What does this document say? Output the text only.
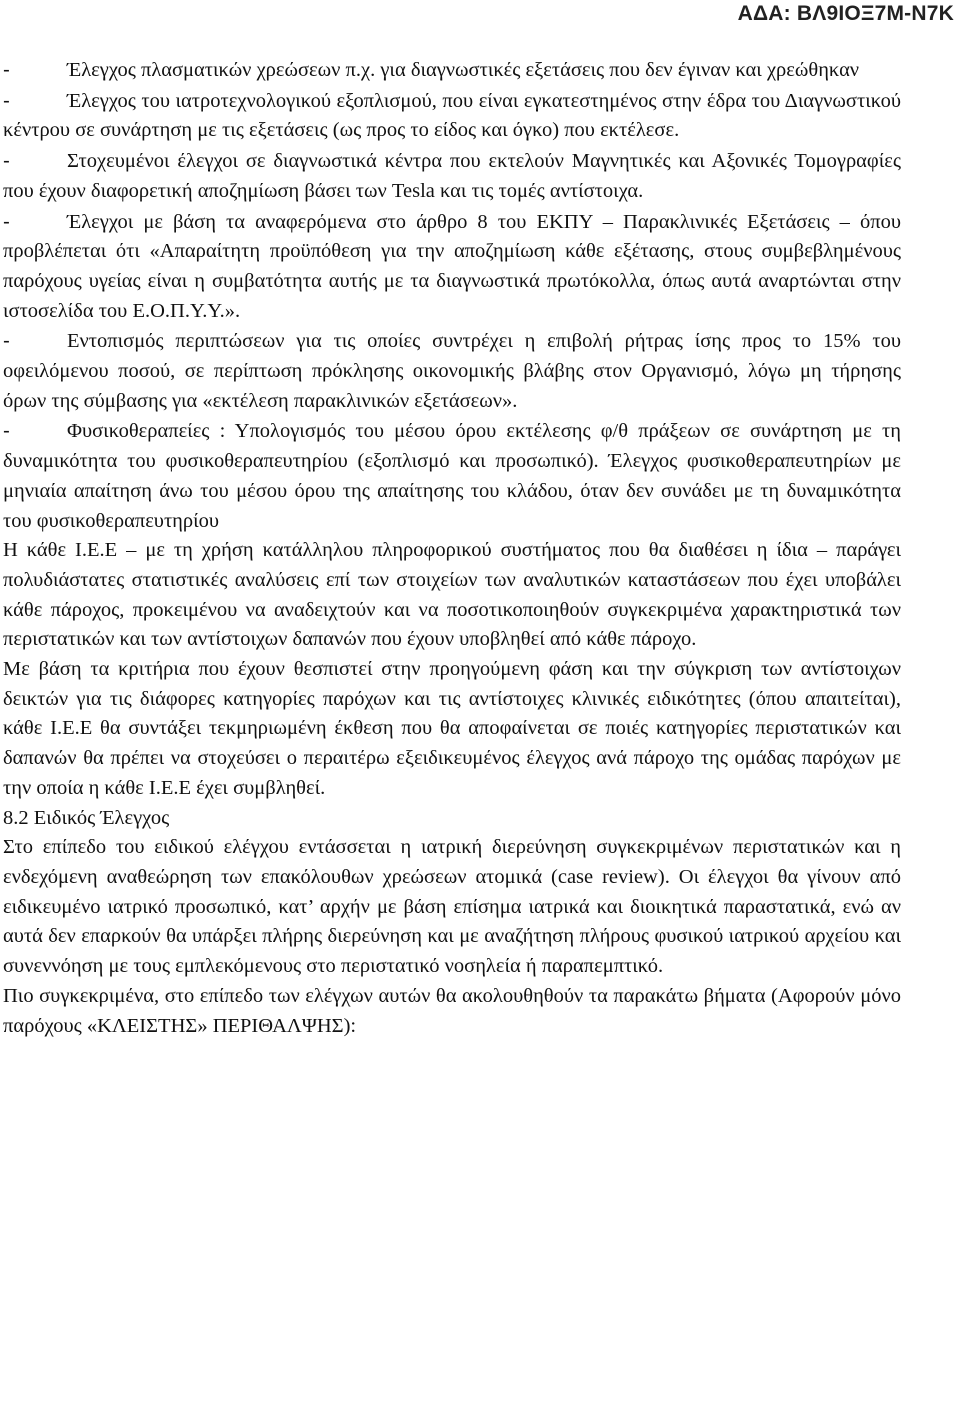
ΑΔΑ: ΒΛ9ΙΟΞ7Μ-Ν7Κ

-	Έλεγχος πλασματικών χρεώσεων π.χ. για διαγνωστικές εξετάσεις που δεν έγιναν και χρεώθηκαν

-	Έλεγχος του ιατροτεχνολογικού εξοπλισμού, που είναι εγκατεστημένος στην έδρα του Διαγνωστικού κέντρου σε συνάρτηση με τις εξετάσεις (ως προς το είδος και όγκο) που εκτέλεσε.

-	Στοχευμένοι έλεγχοι σε διαγνωστικά κέντρα που εκτελούν Μαγνητικές και Αξονικές Τομογραφίες που έχουν διαφορετική αποζημίωση βάσει των Tesla και τις τομές αντίστοιχα.

-	Έλεγχοι με βάση τα αναφερόμενα στο άρθρο 8 του ΕΚΠΥ – Παρακλινικές Εξετάσεις – όπου προβλέπεται ότι «Απαραίτητη προϋπόθεση για την αποζημίωση κάθε εξέτασης, στους συμβεβλημένους παρόχους υγείας είναι η συμβατότητα αυτής με τα διαγνωστικά πρωτόκολλα, όπως αυτά αναρτώνται στην ιστοσελίδα του Ε.Ο.Π.Υ.Υ.».

-	Εντοπισμός περιπτώσεων για τις οποίες συντρέχει η επιβολή ρήτρας ίσης προς το 15% του οφειλόμενου ποσού, σε περίπτωση πρόκλησης οικονομικής βλάβης στον Οργανισμό, λόγω μη τήρησης όρων της σύμβασης για «εκτέλεση παρακλινικών εξετάσεων».

-	Φυσικοθεραπείες : Υπολογισμός του μέσου όρου εκτέλεσης φ/θ πράξεων σε συνάρτηση με τη δυναμικότητα του φυσικοθεραπευτηρίου (εξοπλισμό και προσωπικό). Έλεγχος φυσικοθεραπευτηρίων με μηνιαία απαίτηση άνω του μέσου όρου της απαίτησης του κλάδου, όταν δεν συνάδει με τη δυναμικότητα του φυσικοθεραπευτηρίου

Η κάθε Ι.Ε.Ε – με τη χρήση κατάλληλου πληροφορικού συστήματος που θα διαθέσει η ίδια – παράγει πολυδιάστατες στατιστικές αναλύσεις επί των στοιχείων των αναλυτικών καταστάσεων που έχει υποβάλει κάθε πάροχος, προκειμένου να αναδειχτούν και να ποσοτικοποιηθούν συγκεκριμένα χαρακτηριστικά των περιστατικών και των αντίστοιχων δαπανών που έχουν υποβληθεί από κάθε πάροχο.

Με βάση τα κριτήρια που έχουν θεσπιστεί στην προηγούμενη φάση και την σύγκριση των αντίστοιχων δεικτών για τις διάφορες κατηγορίες παρόχων και τις αντίστοιχες κλινικές ειδικότητες (όπου απαιτείται), κάθε Ι.Ε.Ε θα συντάξει τεκμηριωμένη έκθεση που θα αποφαίνεται σε ποιές κατηγορίες περιστατικών και δαπανών θα πρέπει να στοχεύσει ο περαιτέρω εξειδικευμένος έλεγχος ανά πάροχο της ομάδας παρόχων με την οποία η κάθε Ι.Ε.Ε έχει συμβληθεί.

8.2 Ειδικός Έλεγχος

Στο επίπεδο του ειδικού ελέγχου εντάσσεται η ιατρική διερεύνηση συγκεκριμένων περιστατικών και η ενδεχόμενη αναθεώρηση των επακόλουθων χρεώσεων ατομικά (case review). Οι έλεγχοι θα γίνουν από ειδικευμένο ιατρικό προσωπικό, κατ’ αρχήν με βάση επίσημα ιατρικά και διοικητικά παραστατικά, ενώ αν αυτά δεν επαρκούν θα υπάρξει πλήρης διερεύνηση και με αναζήτηση πλήρους φυσικού ιατρικού αρχείου και συνεννόηση με τους εμπλεκόμενους στο περιστατικό νοσηλεία ή παραπεμπτικό.

Πιο συγκεκριμένα, στο επίπεδο των ελέγχων αυτών θα ακολουθηθούν τα παρακάτω βήματα (Αφορούν μόνο παρόχους «ΚΛΕΙΣΤΗΣ» ΠΕΡΙΘΑΛΨΗΣ):
